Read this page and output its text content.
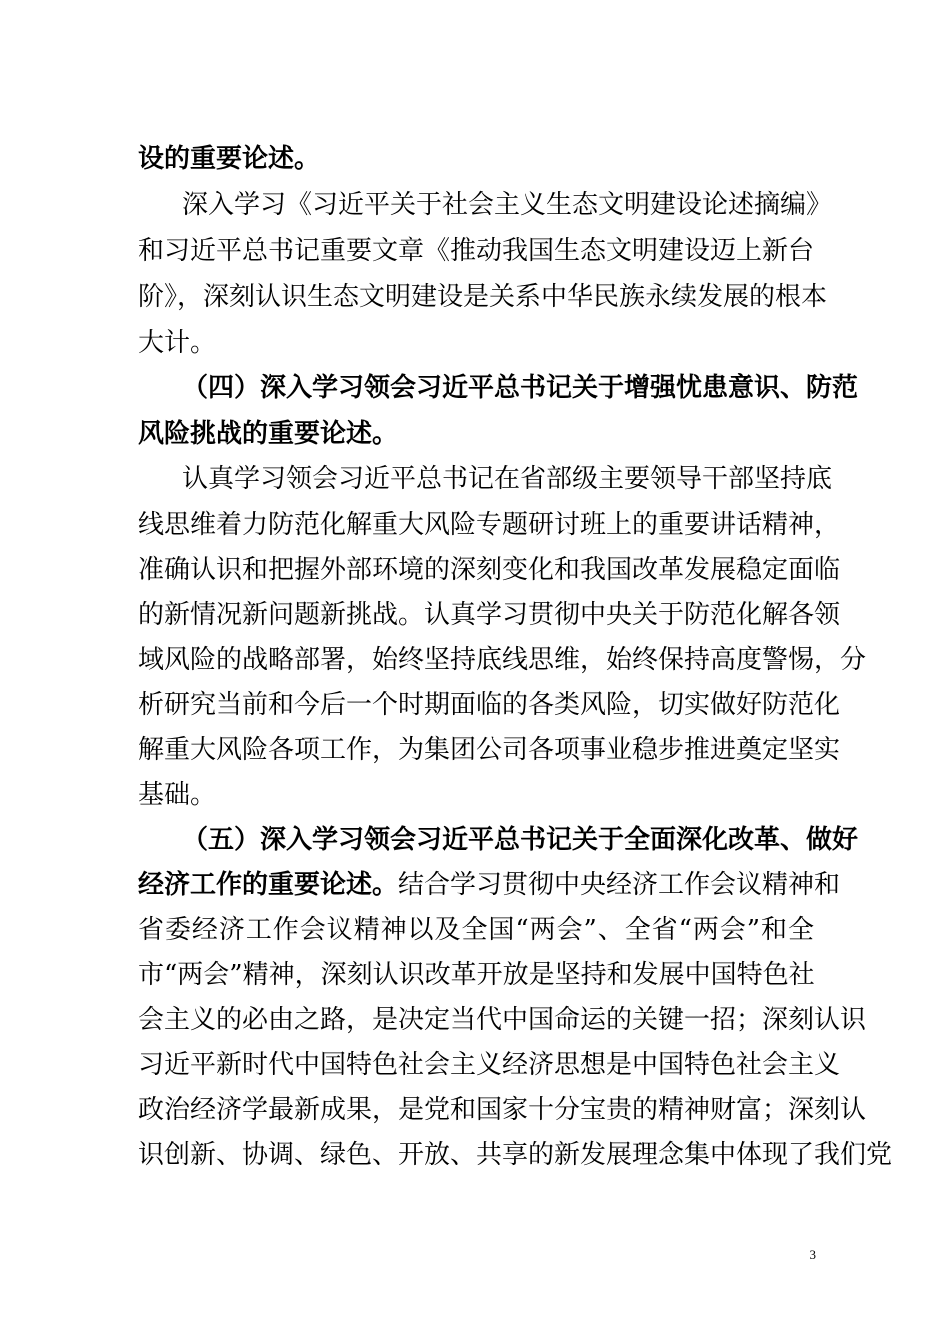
设的重要论述。
深入学习《习近平关于社会主义生态文明建设论述摘编》
和习近平总书记重要文章《推动我国生态文明建设迈上新台
阶》，深刻认识生态文明建设是关系中华民族永续发展的根本
大计。
（四）深入学习领会习近平总书记关于增强忧患意识、防范
风险挑战的重要论述。
认真学习领会习近平总书记在省部级主要领导干部坚持底
线思维着力防范化解重大风险专题研讨班上的重要讲话精神，
准确认识和把握外部环境的深刻变化和我国改革发展稳定面临
的新情况新问题新挑战。认真学习贯彻中央关于防范化解各领
域风险的战略部署，始终坚持底线思维，始终保持高度警惕，分
析研究当前和今后一个时期面临的各类风险，切实做好防范化
解重大风险各项工作，为集团公司各项事业稳步推进奠定坚实
基础。
（五）深入学习领会习近平总书记关于全面深化改革、做好
经济工作的重要论述。结合学习贯彻中央经济工作会议精神和
省委经济工作会议精神以及全国“两会”、全省“两会”和全
市“两会”精神，深刻认识改革开放是坚持和发展中国特色社
会主义的必由之路，是决定当代中国命运的关键一招；深刻认识
习近平新时代中国特色社会主义经济思想是中国特色社会主义
政治经济学最新成果，是党和国家十分宝贵的精神财富；深刻认
识创新、协调、绿色、开放、共享的新发展理念集中体现了我们党
3
